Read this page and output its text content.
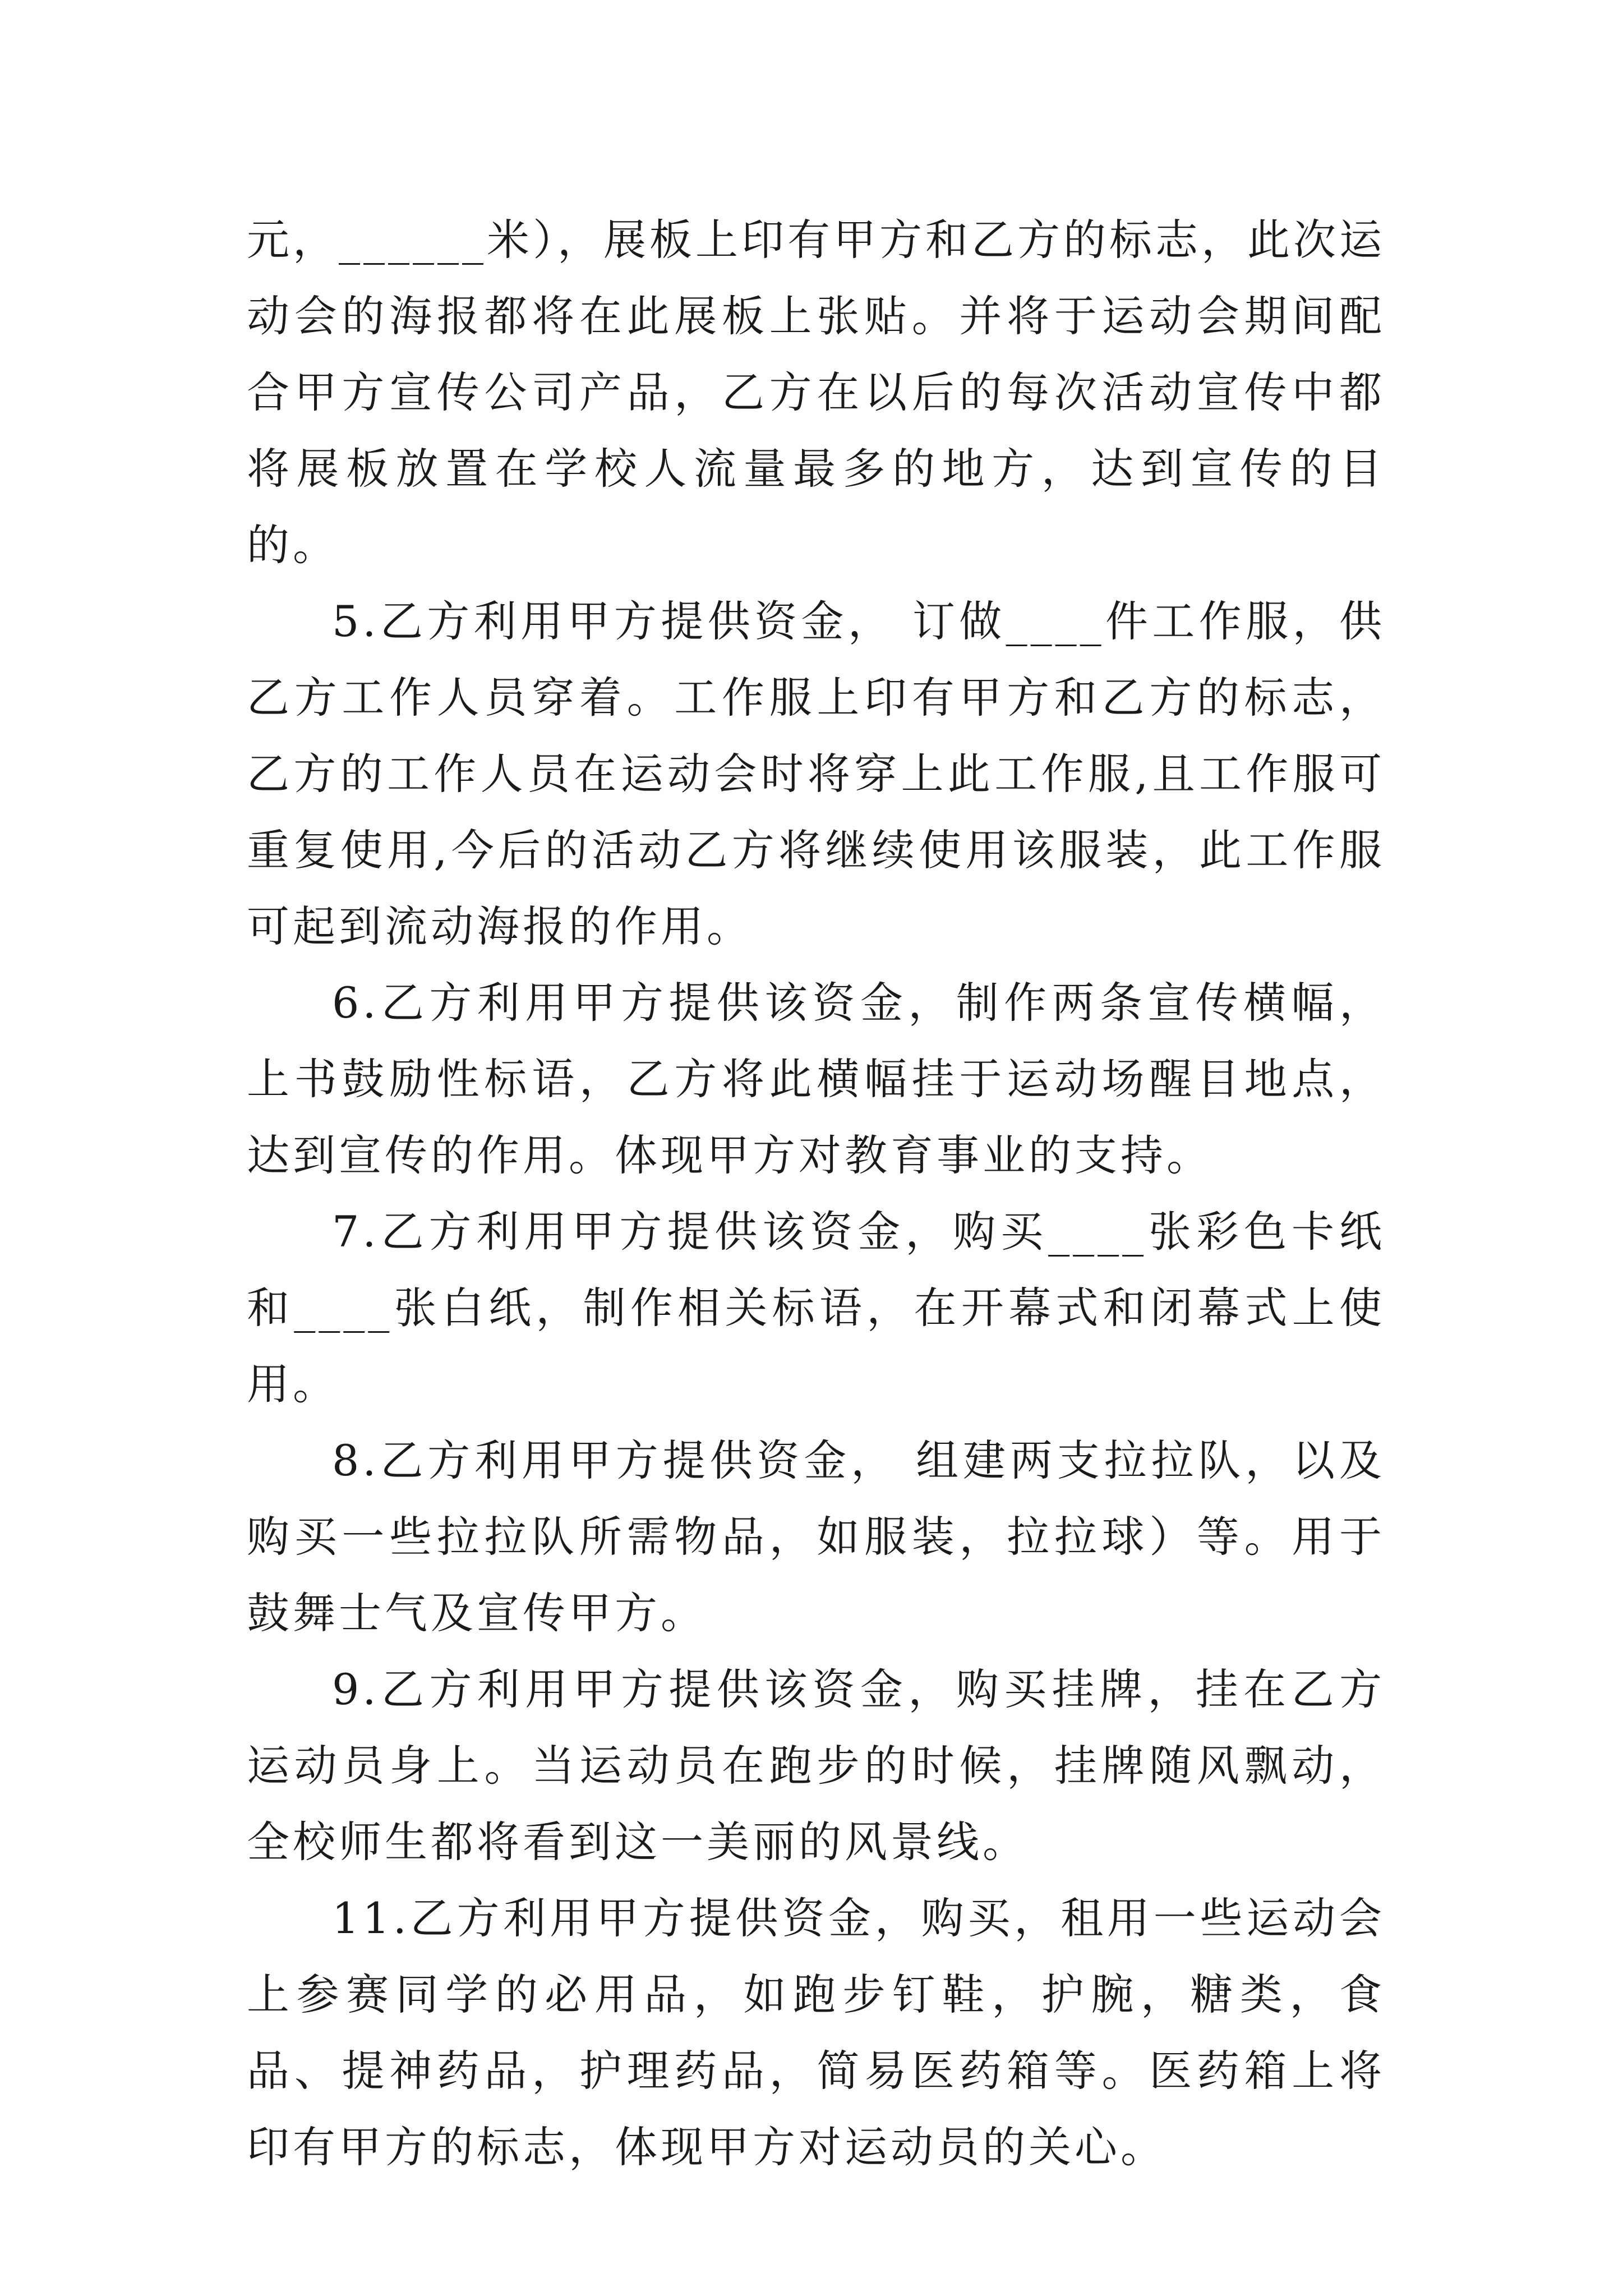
元，______米），展板上印有甲方和乙方的标志，此次运动会的海报都将在此展板上张贴。并将于运动会期间配合甲方宣传公司产品，乙方在以后的每次活动宣传中都将展板放置在学校人流量最多的地方，达到宣传的目的。

5.乙方利用甲方提供资金， 订做____件工作服，供乙方工作人员穿着。工作服上印有甲方和乙方的标志，乙方的工作人员在运动会时将穿上此工作服,且工作服可重复使用,今后的活动乙方将继续使用该服装，此工作服可起到流动海报的作用。

6.乙方利用甲方提供该资金，制作两条宣传横幅，上书鼓励性标语，乙方将此横幅挂于运动场醒目地点，达到宣传的作用。体现甲方对教育事业的支持。

7.乙方利用甲方提供该资金，购买____张彩色卡纸和____张白纸，制作相关标语，在开幕式和闭幕式上使用。

8.乙方利用甲方提供资金， 组建两支拉拉队，以及购买一些拉拉队所需物品，如服装，拉拉球）等。用于鼓舞士气及宣传甲方。

9.乙方利用甲方提供该资金，购买挂牌，挂在乙方运动员身上。当运动员在跑步的时候，挂牌随风飘动，全校师生都将看到这一美丽的风景线。

11.乙方利用甲方提供资金，购买，租用一些运动会上参赛同学的必用品，如跑步钉鞋，护腕，糖类，食品、提神药品，护理药品，简易医药箱等。医药箱上将印有甲方的标志，体现甲方对运动员的关心。
